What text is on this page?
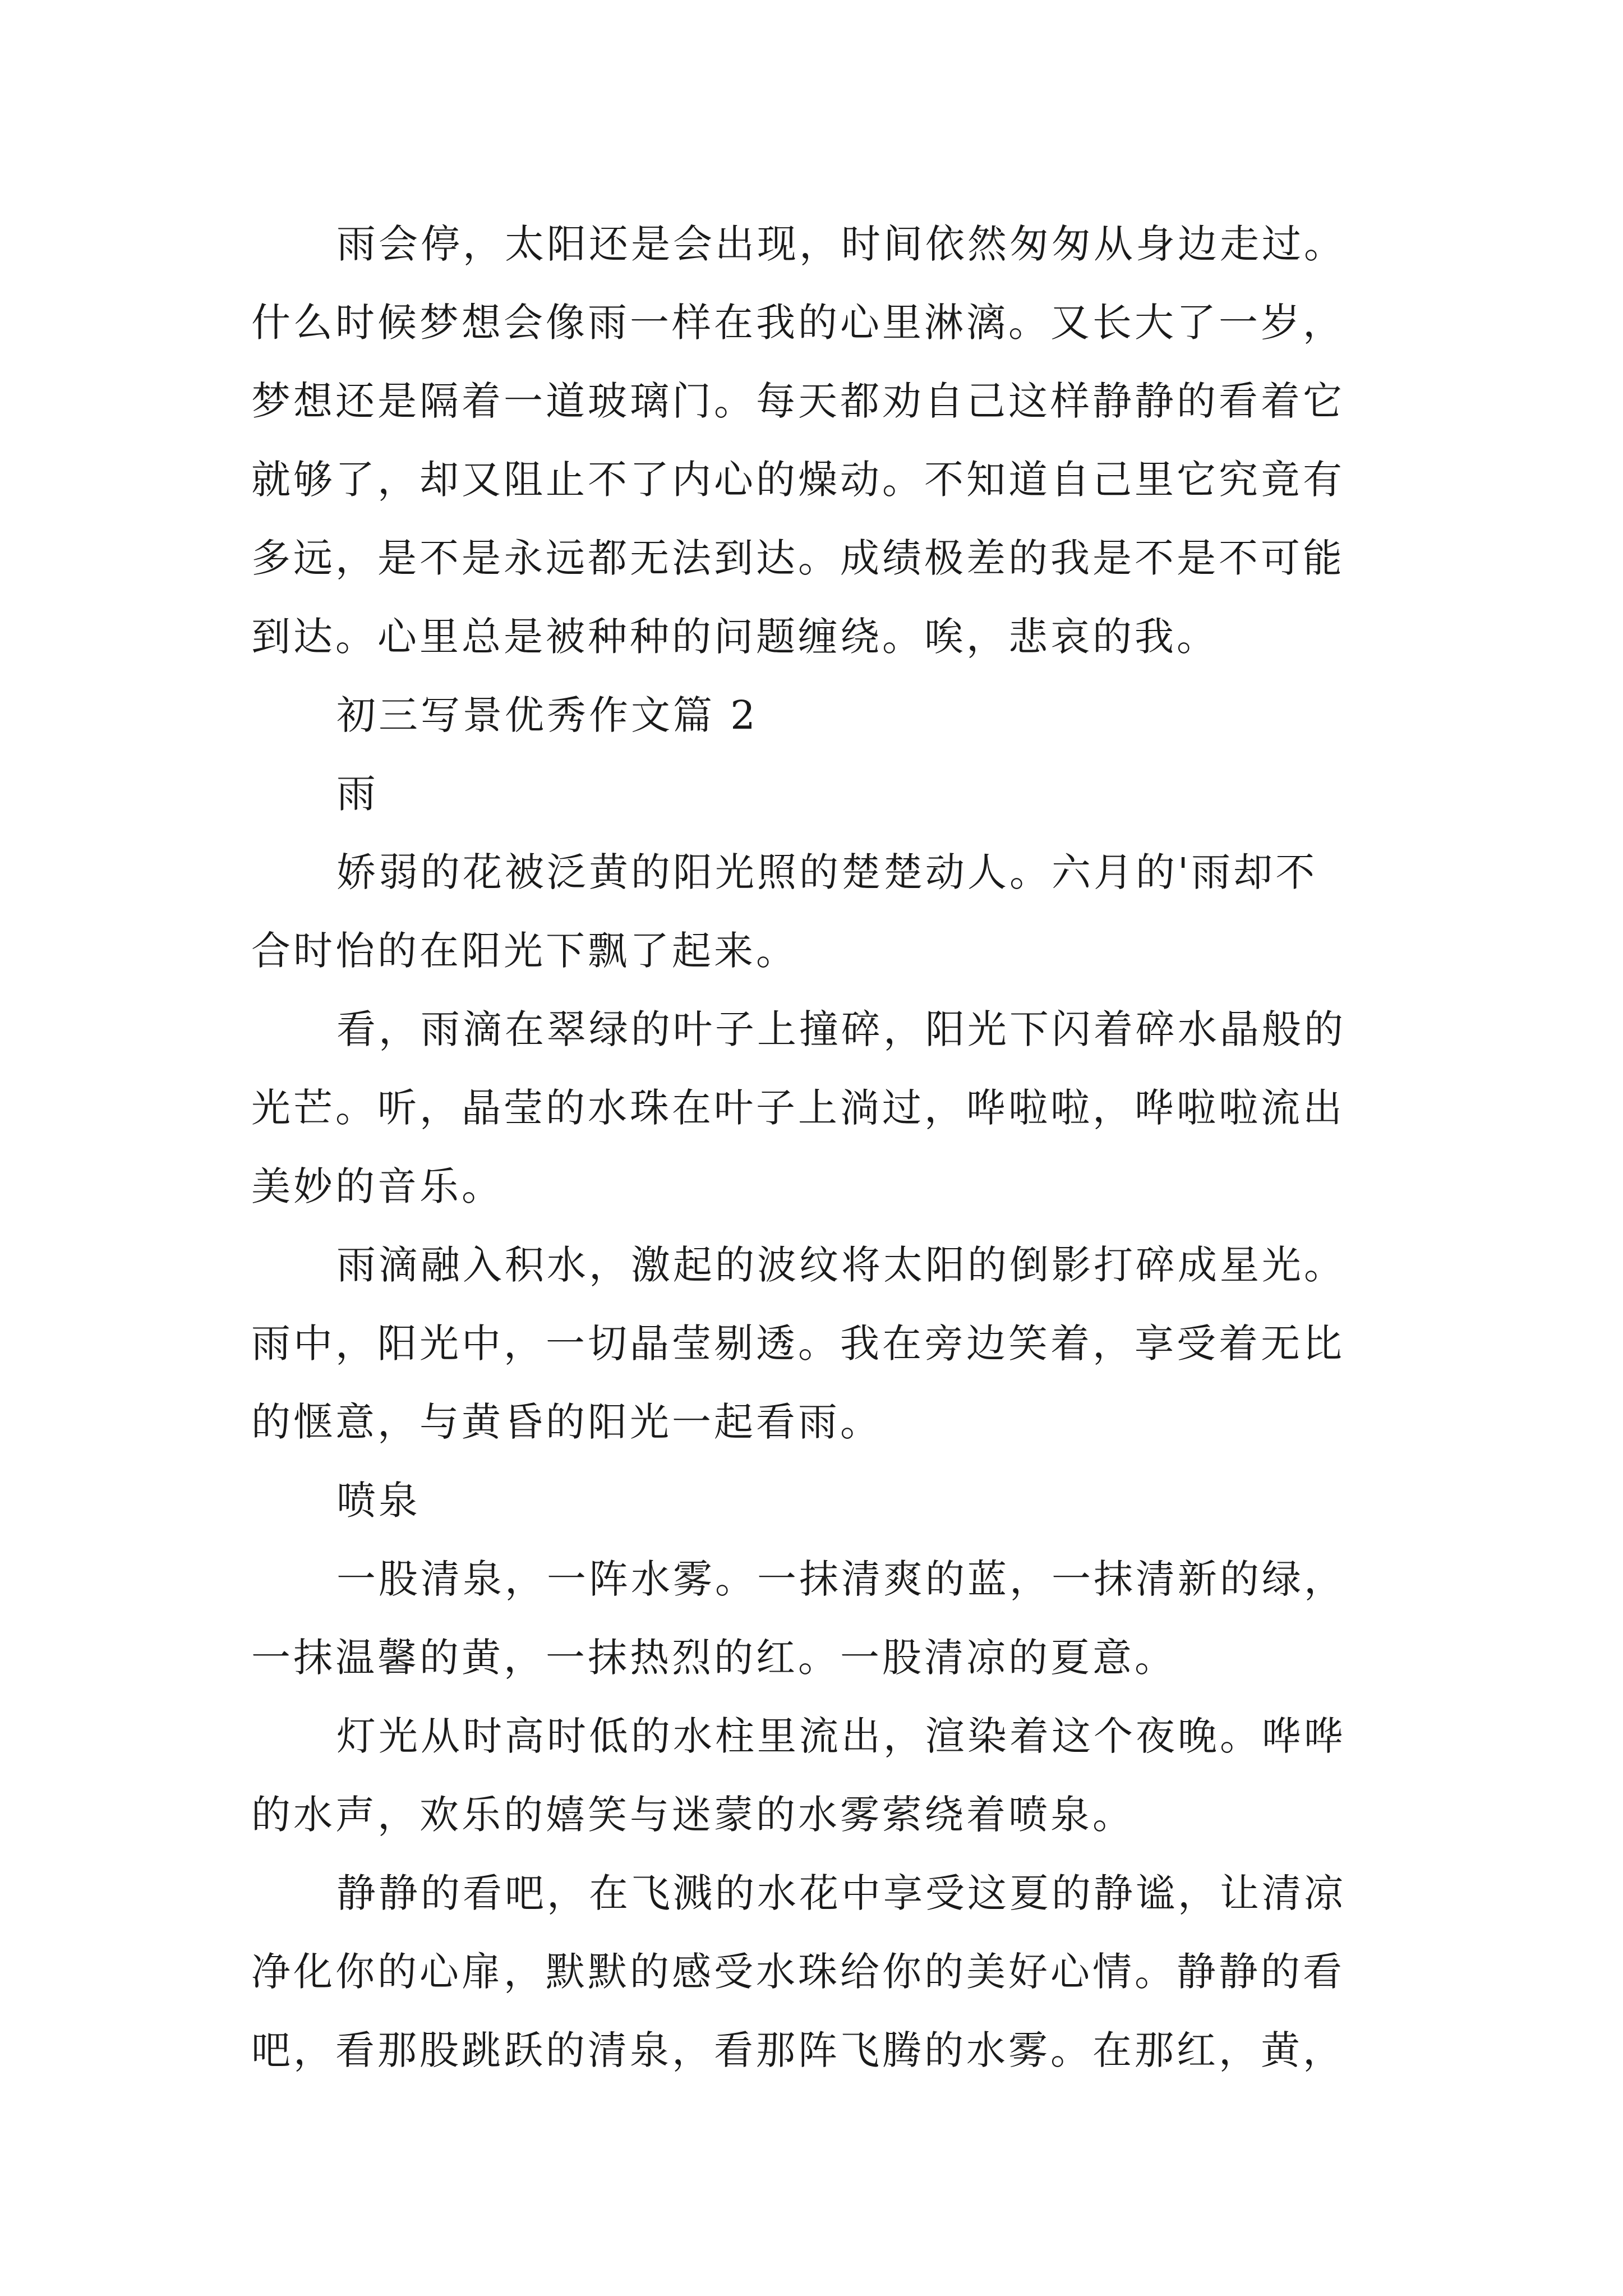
雨会停，太阳还是会出现，时间依然匆匆从身边走过。
什么时候梦想会像雨一样在我的心里淋漓。又长大了一岁，
梦想还是隔着一道玻璃门。每天都劝自己这样静静的看着它
就够了，却又阻止不了内心的燥动。不知道自己里它究竟有
多远，是不是永远都无法到达。成绩极差的我是不是不可能
到达。心里总是被种种的问题缠绕。唉，悲哀的我。
初三写景优秀作文篇 2
雨
娇弱的花被泛黄的阳光照的楚楚动人。六月的'雨却不
合时怡的在阳光下飘了起来。
看，雨滴在翠绿的叶子上撞碎，阳光下闪着碎水晶般的
光芒。听，晶莹的水珠在叶子上淌过，哗啦啦，哗啦啦流出
美妙的音乐。
雨滴融入积水，激起的波纹将太阳的倒影打碎成星光。
雨中，阳光中，一切晶莹剔透。我在旁边笑着，享受着无比
的惬意，与黄昏的阳光一起看雨。
喷泉
一股清泉，一阵水雾。一抹清爽的蓝，一抹清新的绿，
一抹温馨的黄，一抹热烈的红。一股清凉的夏意。
灯光从时高时低的水柱里流出，渲染着这个夜晚。哗哗
的水声，欢乐的嬉笑与迷蒙的水雾萦绕着喷泉。
静静的看吧，在飞溅的水花中享受这夏的静谧，让清凉
净化你的心扉，默默的感受水珠给你的美好心情。静静的看
吧，看那股跳跃的清泉，看那阵飞腾的水雾。在那红，黄，
